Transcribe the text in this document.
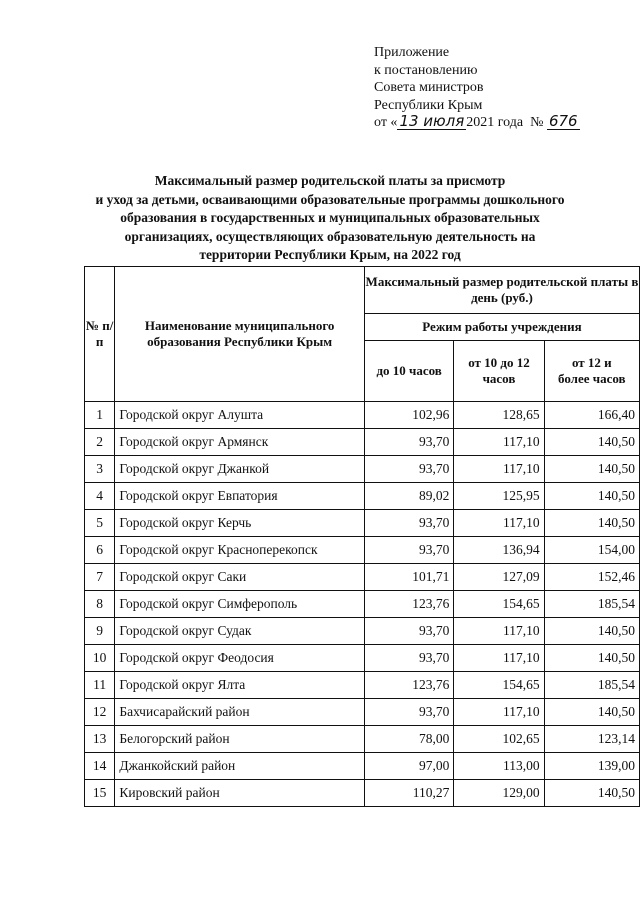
Приложение
к постановлению
Совета министров
Республики Крым
от « 13 июля 2021 года № 676
Максимальный размер родительской платы за присмотр
и уход за детьми, осваивающими образовательные программы дошкольного
образования в государственных и муниципальных образовательных
организациях, осуществляющих образовательную деятельность на
территории Республики Крым, на 2022 год
№ п/п	Наименование муниципального образования Республики Крым	Максимальный размер родительской платы в день (руб.)		
		Режим работы учреждения		
		до 10 часов	от 10 до 12 часов	от 12 и более часов
1	Городской округ Алушта	102,96	128,65	166,40
2	Городской округ Армянск	93,70	117,10	140,50
3	Городской округ Джанкой	93,70	117,10	140,50
4	Городской округ Евпатория	89,02	125,95	140,50
5	Городской округ Керчь	93,70	117,10	140,50
6	Городской округ Красноперекопск	93,70	136,94	154,00
7	Городской округ Саки	101,71	127,09	152,46
8	Городской округ Симферополь	123,76	154,65	185,54
9	Городской округ Судак	93,70	117,10	140,50
10	Городской округ Феодосия	93,70	117,10	140,50
11	Городской округ Ялта	123,76	154,65	185,54
12	Бахчисарайский район	93,70	117,10	140,50
13	Белогорский район	78,00	102,65	123,14
14	Джанкойский район	97,00	113,00	139,00
15	Кировский район	110,27	129,00	140,50
